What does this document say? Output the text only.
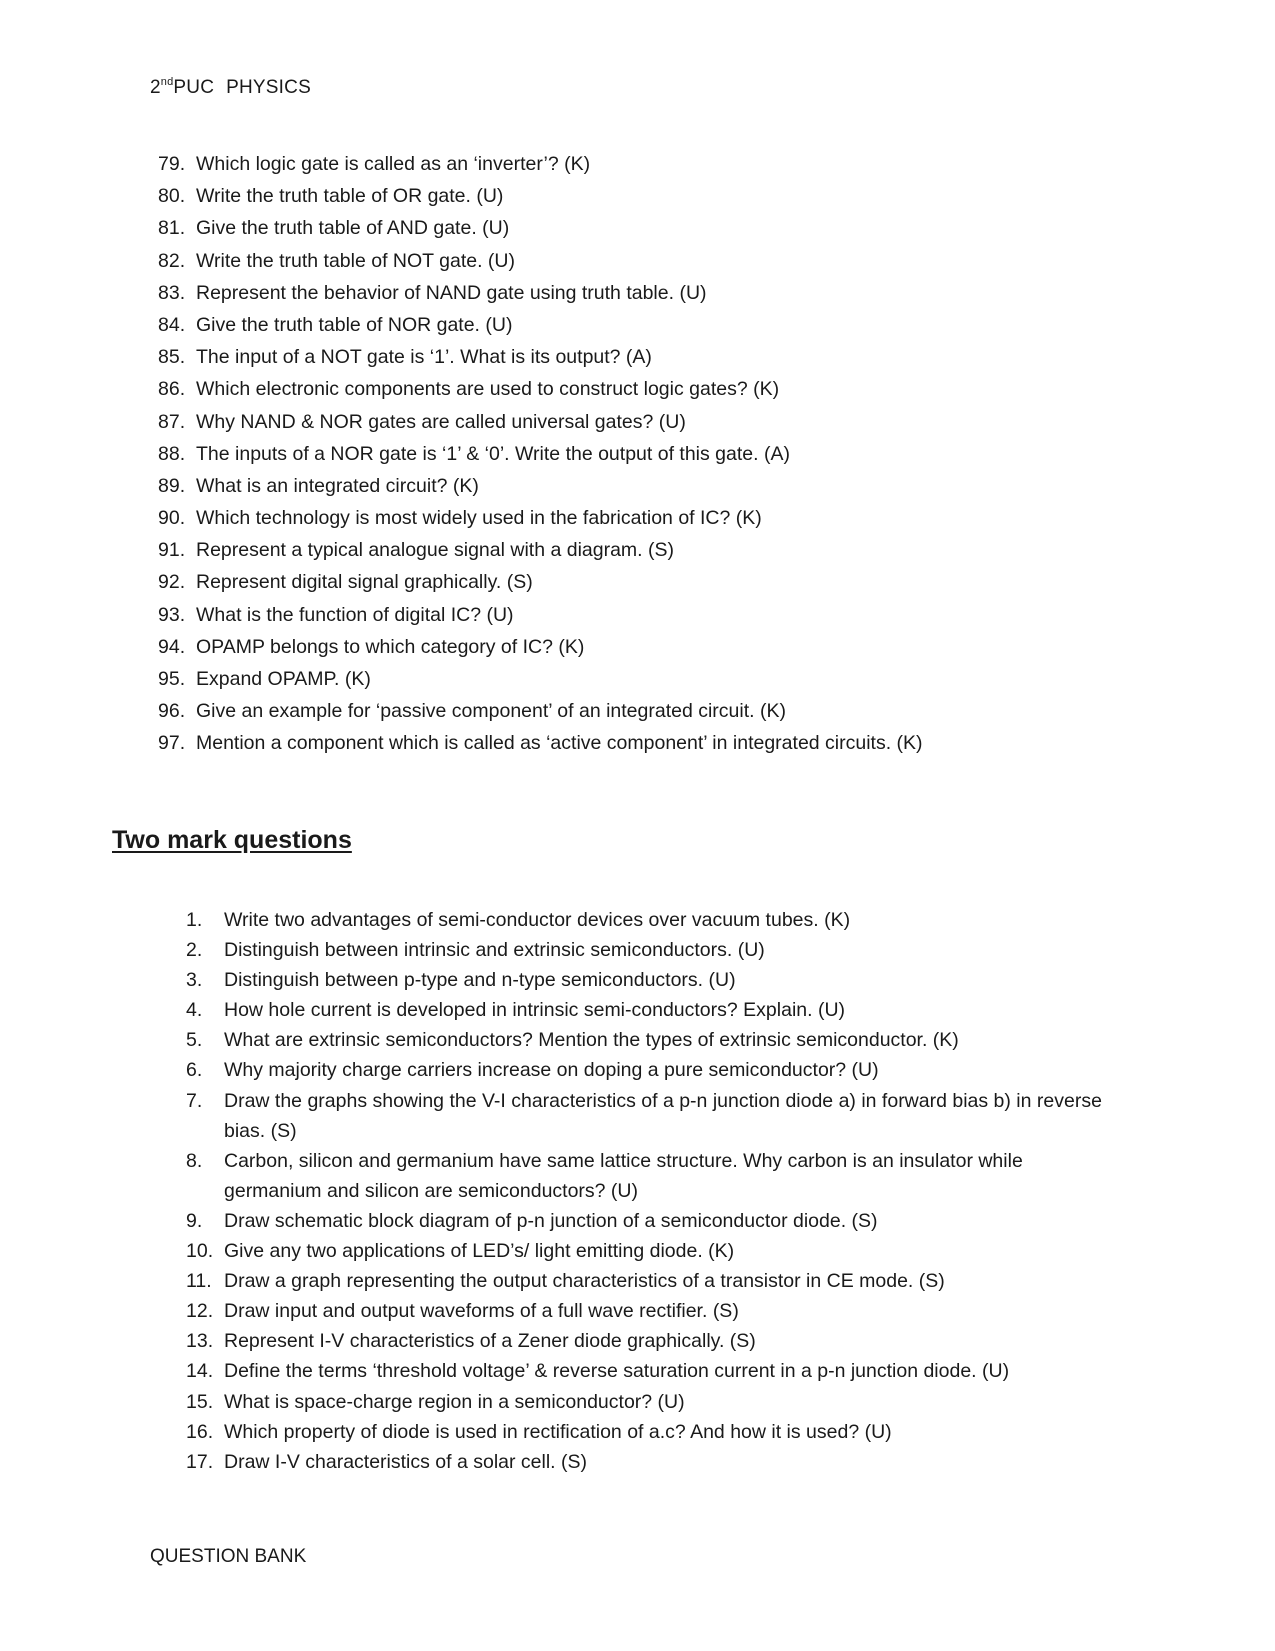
2ndPUC PHYSICS
79. Which logic gate is called as an ‘inverter’? (K)
80. Write the truth table of OR gate. (U)
81. Give the truth table of AND gate. (U)
82. Write the truth table of NOT gate. (U)
83. Represent the behavior of NAND gate using truth table. (U)
84. Give the truth table of NOR gate. (U)
85. The input of a NOT gate is ‘1’. What is its output? (A)
86. Which electronic components are used to construct logic gates? (K)
87. Why NAND & NOR gates are called universal gates? (U)
88. The inputs of a NOR gate is ‘1’ & ‘0’. Write the output of this gate. (A)
89. What is an integrated circuit? (K)
90. Which technology is most widely used in the fabrication of IC? (K)
91. Represent a typical analogue signal with a diagram. (S)
92. Represent digital signal graphically. (S)
93. What is the function of digital IC? (U)
94. OPAMP belongs to which category of IC? (K)
95. Expand OPAMP. (K)
96. Give an example for ‘passive component’ of an integrated circuit. (K)
97. Mention a component which is called as ‘active component’ in integrated circuits. (K)
Two mark questions
1.	Write two advantages of semi-conductor devices over vacuum tubes. (K)
2.	Distinguish between intrinsic and extrinsic semiconductors. (U)
3.	Distinguish between p-type and n-type semiconductors. (U)
4.	How hole current is developed in intrinsic semi-conductors? Explain. (U)
5.	What are extrinsic semiconductors? Mention the types of extrinsic semiconductor. (K)
6.	Why majority charge carriers increase on doping a pure semiconductor? (U)
7.	Draw the graphs showing the V-I characteristics of a p-n junction diode a) in forward bias b) in reverse bias. (S)
8.	Carbon, silicon and germanium have same lattice structure. Why carbon is an insulator while germanium and silicon are semiconductors? (U)
9.	Draw schematic block diagram of p-n junction of a semiconductor diode. (S)
10. Give any two applications of LED’s/ light emitting diode. (K)
11. Draw a graph representing the output characteristics of a transistor in CE mode. (S)
12. Draw input and output waveforms of a full wave rectifier. (S)
13. Represent I-V characteristics of a Zener diode graphically. (S)
14. Define the terms ‘threshold voltage’ & reverse saturation current in a p-n junction diode. (U)
15. What is space-charge region in a semiconductor? (U)
16. Which property of diode is used in rectification of a.c? And how it is used? (U)
17. Draw I-V characteristics of a solar cell. (S)
QUESTION BANK
